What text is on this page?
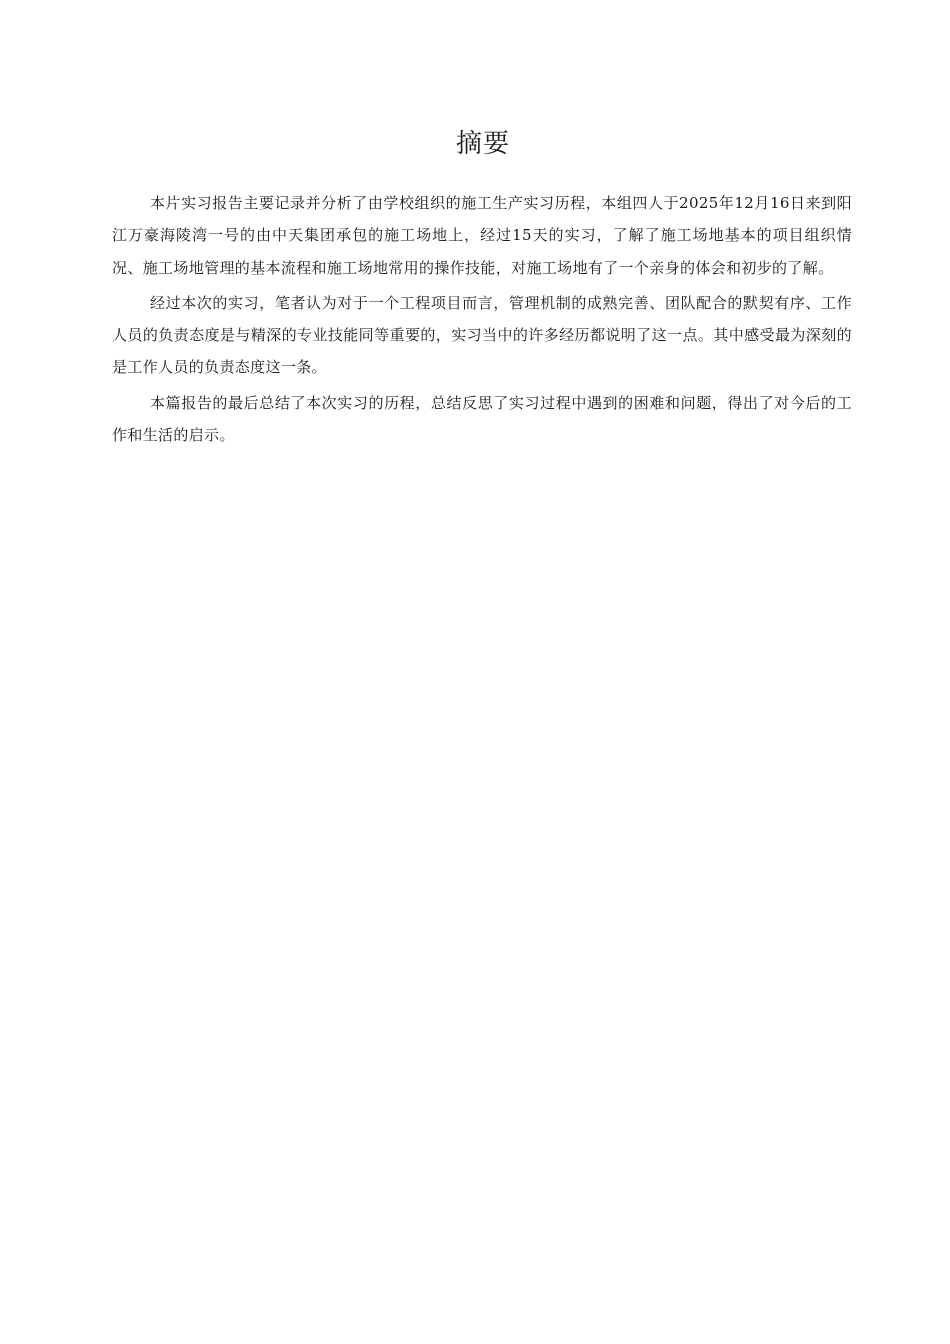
摘要

本片实习报告主要记录并分析了由学校组织的施工生产实习历程，本组四人于2025年12月16日来到阳江万豪海陵湾一号的由中天集团承包的施工场地上，经过15天的实习，了解了施工场地基本的项目组织情况、施工场地管理的基本流程和施工场地常用的操作技能，对施工场地有了一个亲身的体会和初步的了解。

经过本次的实习，笔者认为对于一个工程项目而言，管理机制的成熟完善、团队配合的默契有序、工作人员的负责态度是与精深的专业技能同等重要的，实习当中的许多经历都说明了这一点。其中感受最为深刻的是工作人员的负责态度这一条。

本篇报告的最后总结了本次实习的历程，总结反思了实习过程中遇到的困难和问题，得出了对今后的工作和生活的启示。
